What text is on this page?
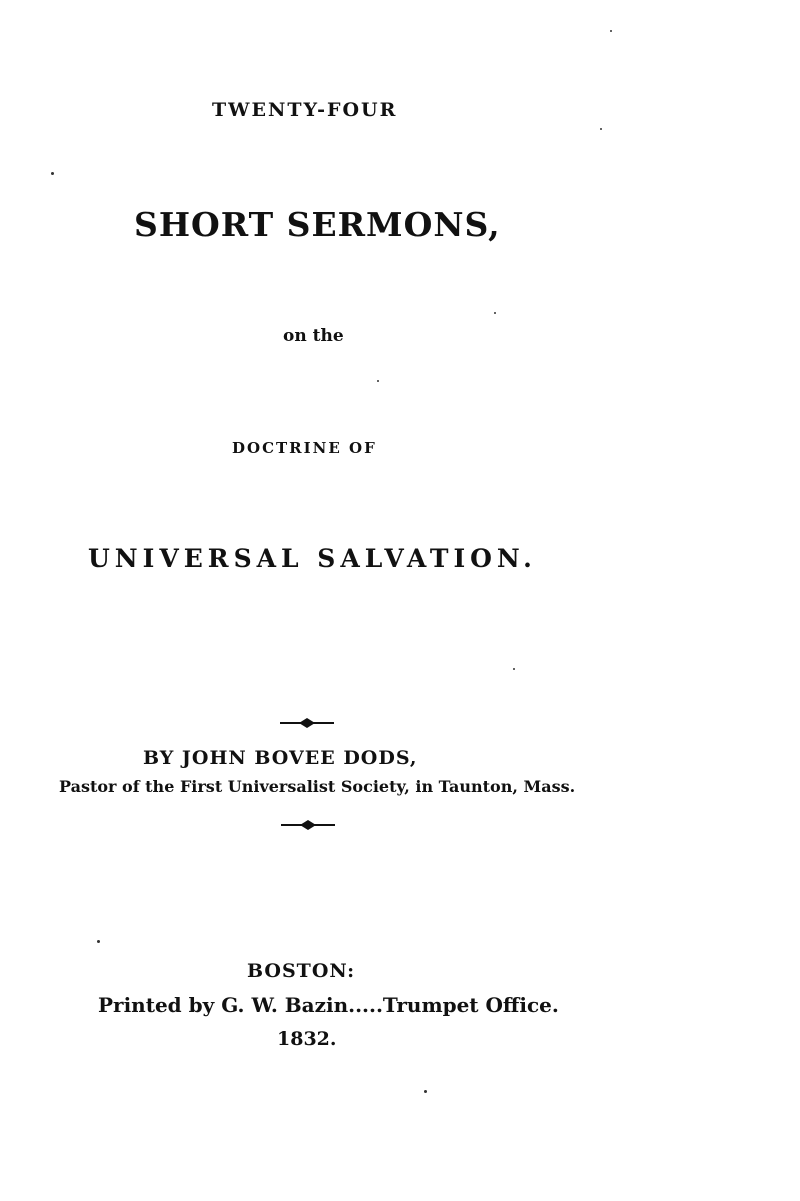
TWENTY-FOUR
SHORT SERMONS,
on the
DOCTRINE OF
UNIVERSAL SALVATION.
BY JOHN BOVEE DODS,
Pastor of the First Universalist Society, in Taunton, Mass.
BOSTON:
Printed by G. W. Bazin.....Trumpet Office.
1832.
